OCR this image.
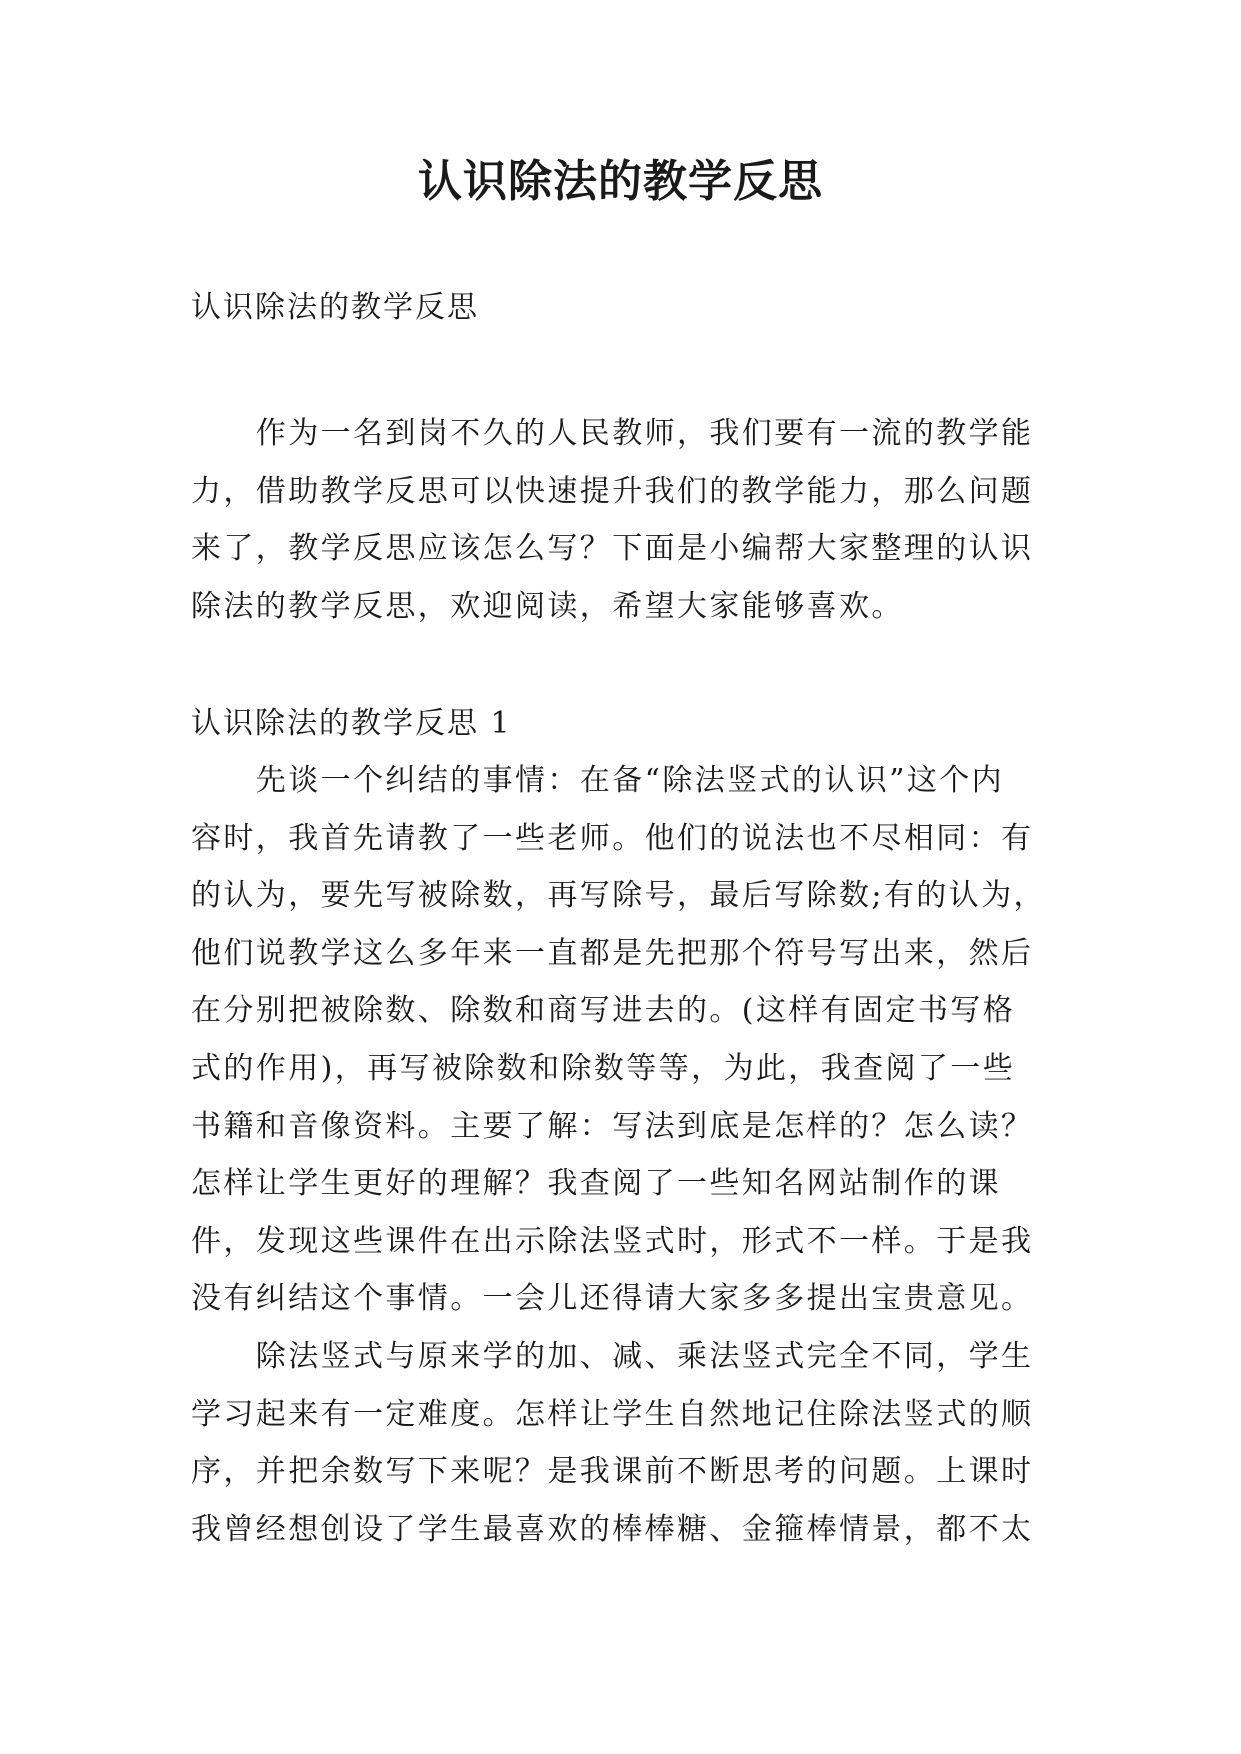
认识除法的教学反思
认识除法的教学反思
　　作为一名到岗不久的人民教师，我们要有一流的教学能
力，借助教学反思可以快速提升我们的教学能力，那么问题
来了，教学反思应该怎么写？下面是小编帮大家整理的认识
除法的教学反思，欢迎阅读，希望大家能够喜欢。
认识除法的教学反思 1
　　先谈一个纠结的事情：在备“除法竖式的认识”这个内
容时，我首先请教了一些老师。他们的说法也不尽相同：有
的认为，要先写被除数，再写除号，最后写除数;有的认为，
他们说教学这么多年来一直都是先把那个符号写出来，然后
在分别把被除数、除数和商写进去的。(这样有固定书写格
式的作用)，再写被除数和除数等等，为此，我查阅了一些
书籍和音像资料。主要了解：写法到底是怎样的？怎么读？
怎样让学生更好的理解？我查阅了一些知名网站制作的课
件，发现这些课件在出示除法竖式时，形式不一样。于是我
没有纠结这个事情。一会儿还得请大家多多提出宝贵意见。
　　除法竖式与原来学的加、减、乘法竖式完全不同，学生
学习起来有一定难度。怎样让学生自然地记住除法竖式的顺
序，并把余数写下来呢？是我课前不断思考的问题。上课时
我曾经想创设了学生最喜欢的棒棒糖、金箍棒情景，都不太
